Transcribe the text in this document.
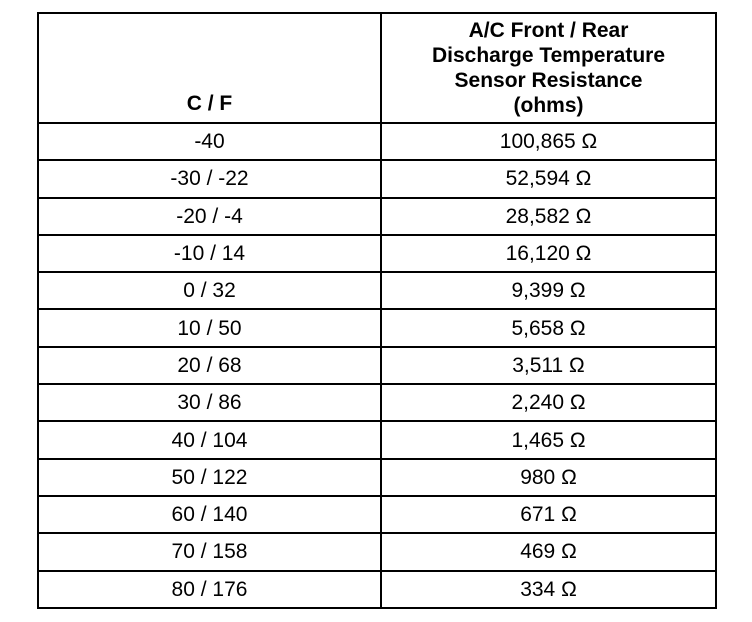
C / F	A/C Front / Rear
Discharge Temperature
Sensor Resistance
(ohms)

-40	100,865 Ω
-30 / -22	52,594 Ω
-20 / -4	28,582 Ω
-10 / 14	16,120 Ω
0 / 32	9,399 Ω
10 / 50	5,658 Ω
20 / 68	3,511 Ω
30 / 86	2,240 Ω
40 / 104	1,465 Ω
50 / 122	980 Ω
60 / 140	671 Ω
70 / 158	469 Ω
80 / 176	334 Ω
